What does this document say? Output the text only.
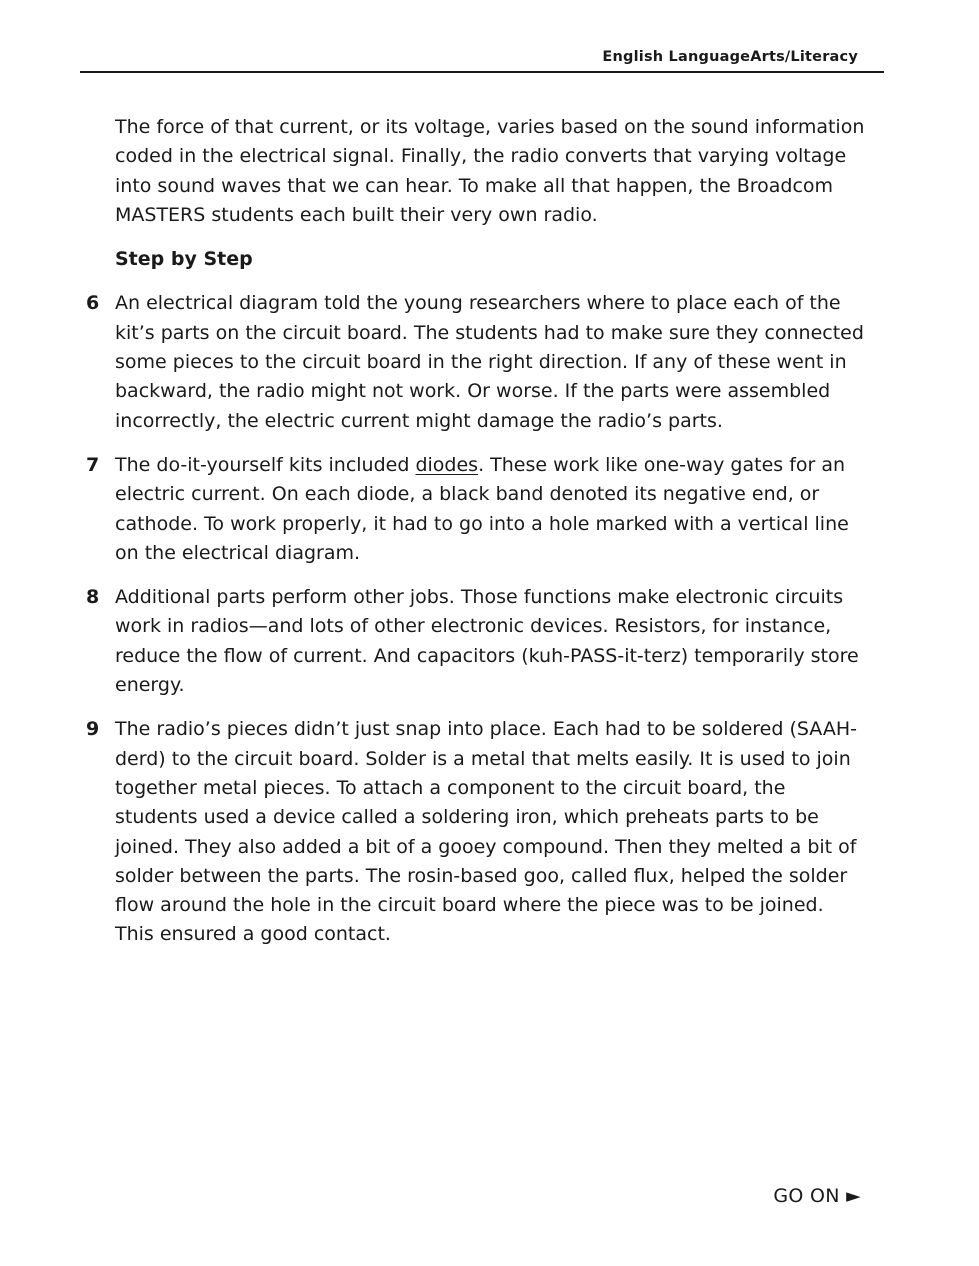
English LanguageArts/Literacy

The force of that current, or its voltage, varies based on the sound information coded in the electrical signal. Finally, the radio converts that varying voltage into sound waves that we can hear. To make all that happen, the Broadcom MASTERS students each built their very own radio.

Step by Step

6 An electrical diagram told the young researchers where to place each of the kit’s parts on the circuit board. The students had to make sure they connected some pieces to the circuit board in the right direction. If any of these went in backward, the radio might not work. Or worse. If the parts were assembled incorrectly, the electric current might damage the radio’s parts.

7 The do-it-yourself kits included diodes. These work like one-way gates for an electric current. On each diode, a black band denoted its negative end, or cathode. To work properly, it had to go into a hole marked with a vertical line on the electrical diagram.

8 Additional parts perform other jobs. Those functions make electronic circuits work in radios—and lots of other electronic devices. Resistors, for instance, reduce the flow of current. And capacitors (kuh-PASS-it-terz) temporarily store energy.

9 The radio’s pieces didn’t just snap into place. Each had to be soldered (SAAH-derd) to the circuit board. Solder is a metal that melts easily. It is used to join together metal pieces. To attach a component to the circuit board, the students used a device called a soldering iron, which preheats parts to be joined. They also added a bit of a gooey compound. Then they melted a bit of solder between the parts. The rosin-based goo, called flux, helped the solder flow around the hole in the circuit board where the piece was to be joined. This ensured a good contact.

GO ON ►
